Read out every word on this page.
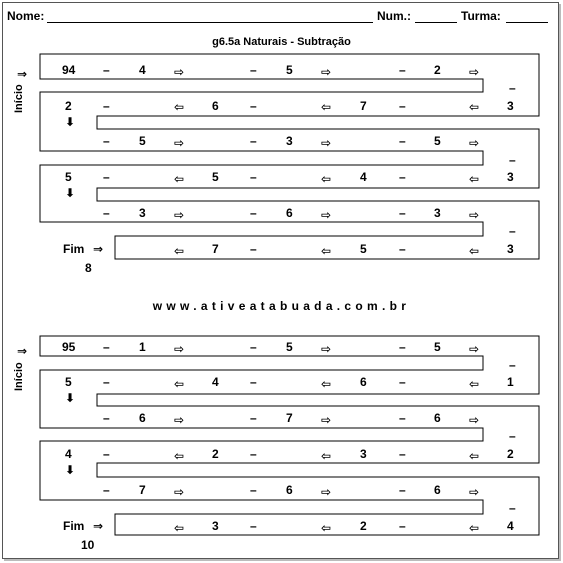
Nome:	Num.:	Turma:
g6.5a Naturais - Subtração
www.ativeatabuada.com.br
⇒
Início
94 – 4 ⇨	– 5 ⇨	– 2 ⇨
–
2	–	⇦ 6	–	⇦ 7	–	⇦ 3
⬇
– 5 ⇨	– 3 ⇨	– 5 ⇨
–
5	–	⇦ 5	–	⇦ 4	–	⇦ 3
⬇
– 3 ⇨	– 6 ⇨	– 3 ⇨
–
Fim ⇒	⇦ 7	–	⇦ 5	–	⇦ 3
8
⇒
Início
95 – 1 ⇨	– 5 ⇨	– 5 ⇨
–
5	–	⇦ 4	–	⇦ 6	–	⇦ 1
⬇
– 6 ⇨	– 7 ⇨	– 6 ⇨
–
4	–	⇦ 2	–	⇦ 3	–	⇦ 2
⬇
– 7 ⇨	– 6 ⇨	– 6 ⇨
–
Fim ⇒	⇦ 3	–	⇦ 2	–	⇦ 4
10
